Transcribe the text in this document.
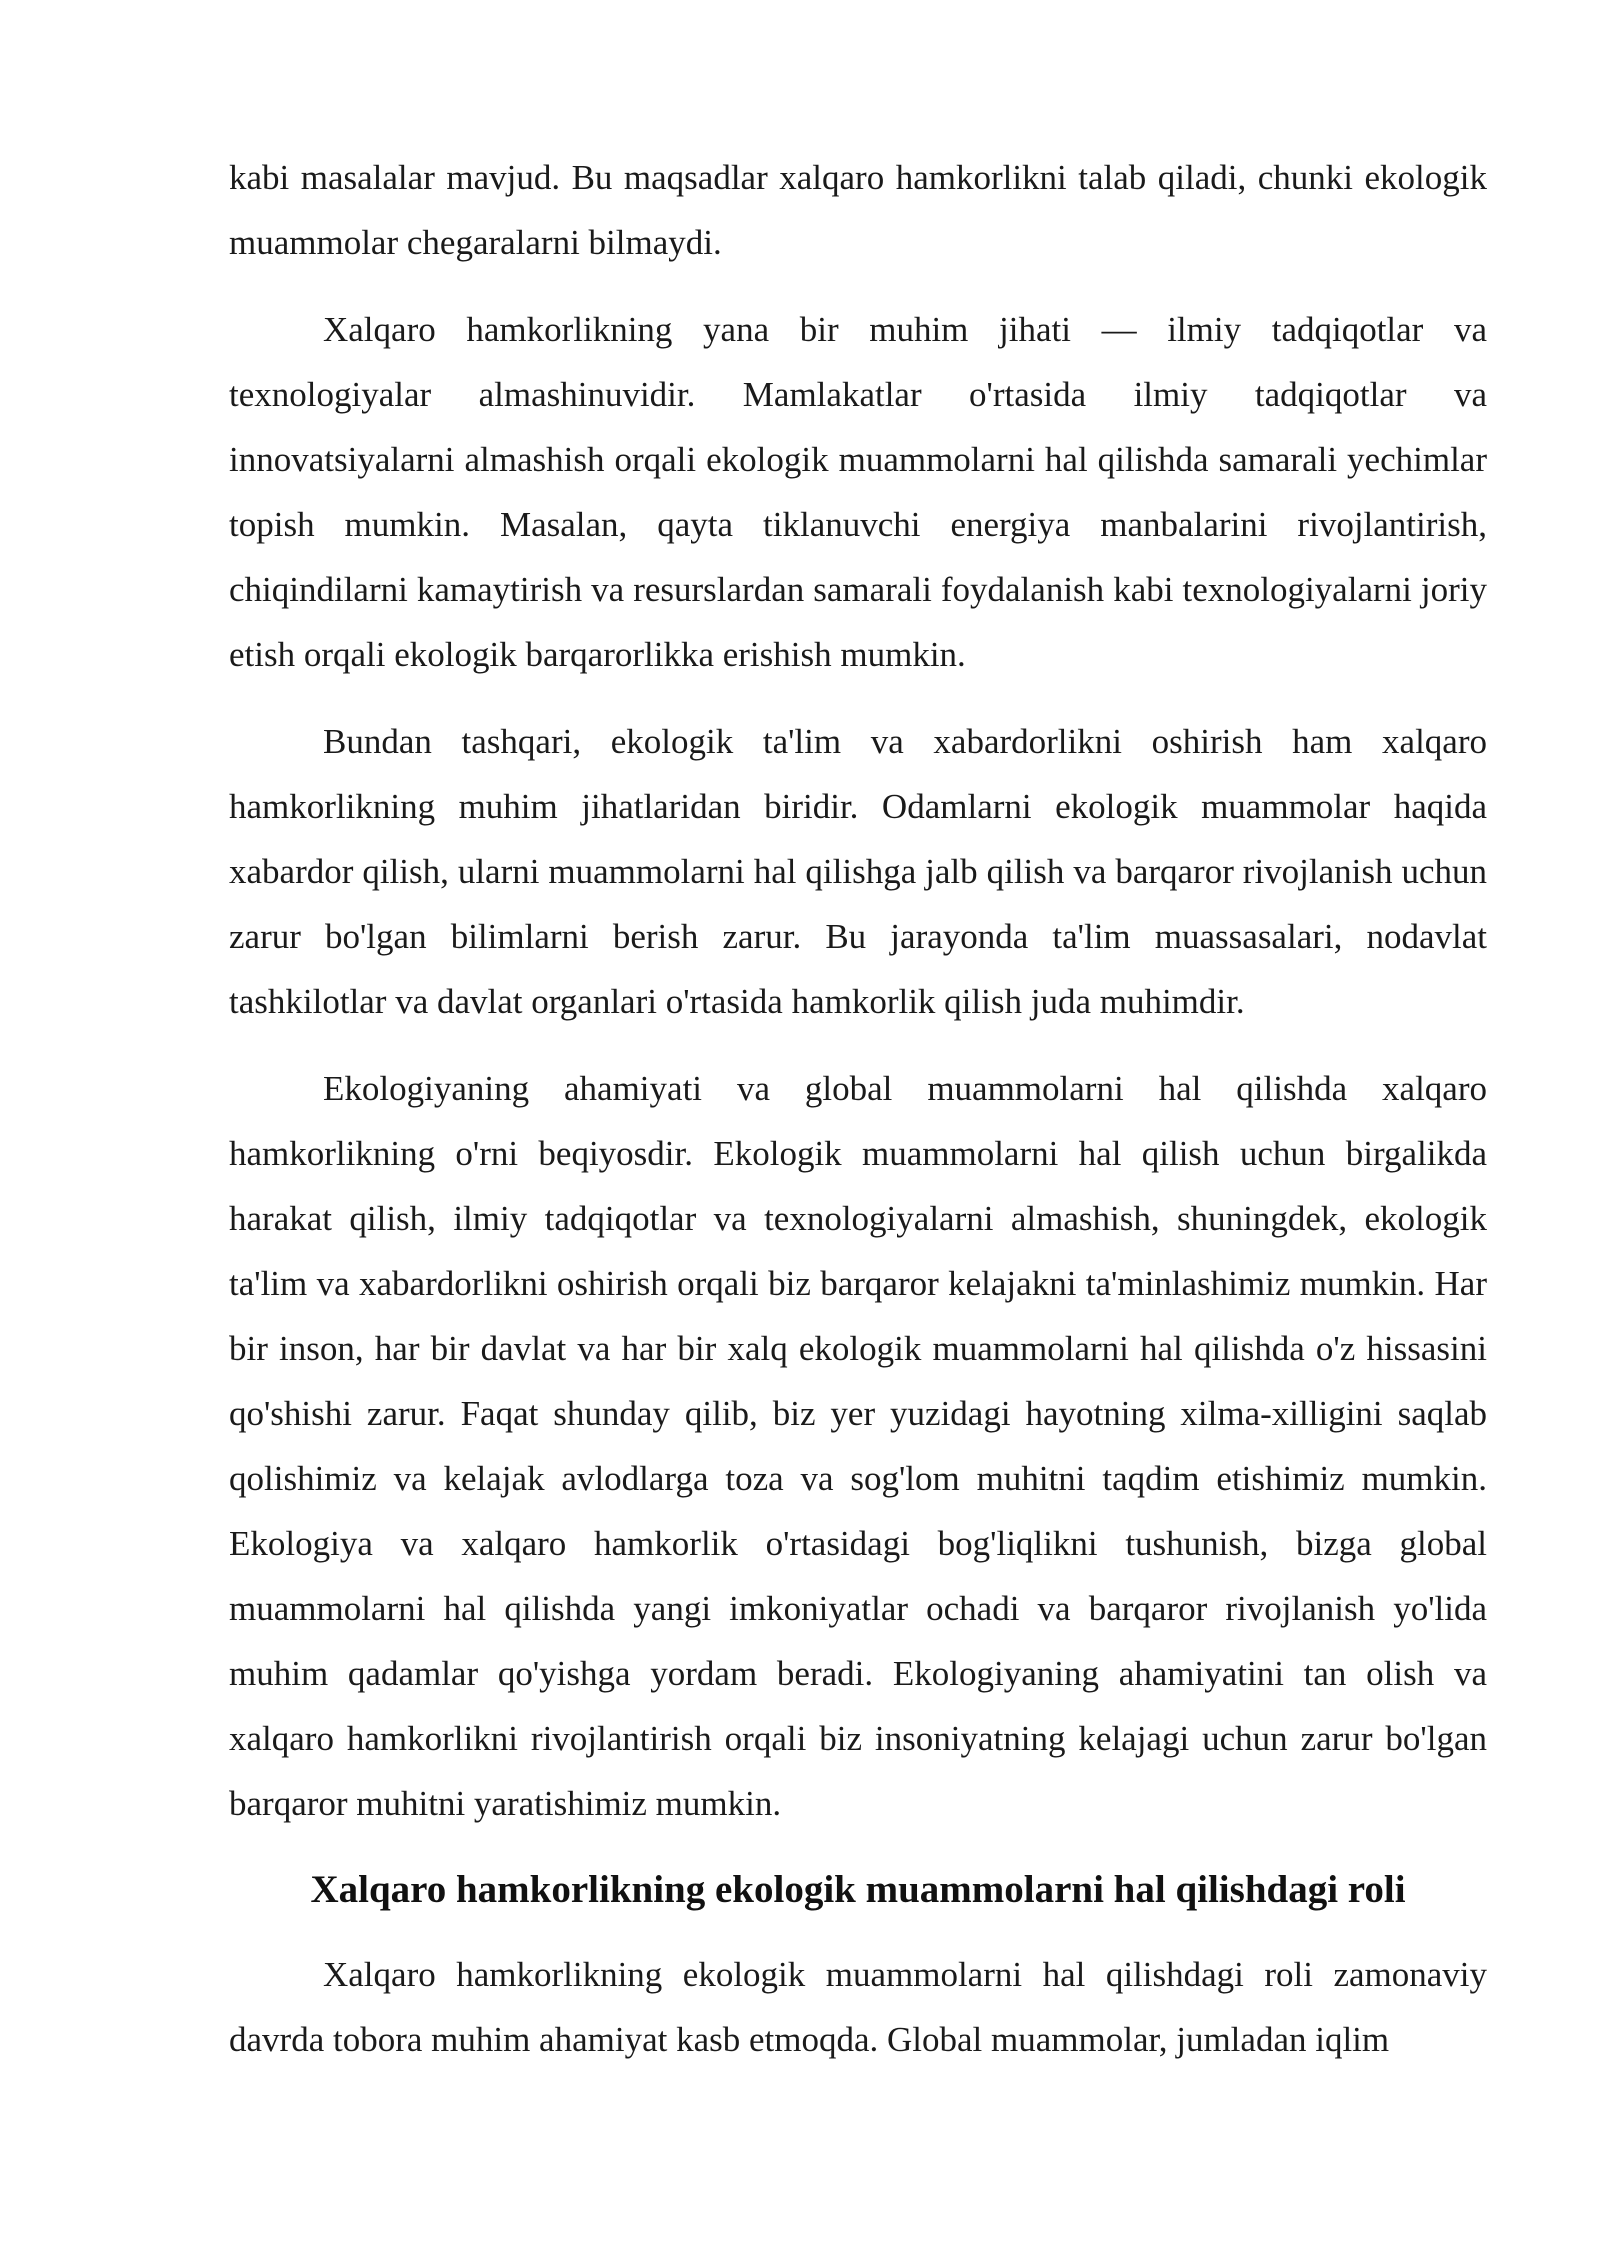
kabi masalalar mavjud. Bu maqsadlar xalqaro hamkorlikni talab qiladi, chunki ekologik muammolar chegaralarni bilmaydi.

Xalqaro hamkorlikning yana bir muhim jihati — ilmiy tadqiqotlar va texnologiyalar almashinuvidir. Mamlakatlar o'rtasida ilmiy tadqiqotlar va innovatsiyalarni almashish orqali ekologik muammolarni hal qilishda samarali yechimlar topish mumkin. Masalan, qayta tiklanuvchi energiya manbalarini rivojlantirish, chiqindilarni kamaytirish va resurslardan samarali foydalanish kabi texnologiyalarni joriy etish orqali ekologik barqarorlikka erishish mumkin.

Bundan tashqari, ekologik ta'lim va xabardorlikni oshirish ham xalqaro hamkorlikning muhim jihatlaridan biridir. Odamlarni ekologik muammolar haqida xabardor qilish, ularni muammolarni hal qilishga jalb qilish va barqaror rivojlanish uchun zarur bo'lgan bilimlarni berish zarur. Bu jarayonda ta'lim muassasalari, nodavlat tashkilotlar va davlat organlari o'rtasida hamkorlik qilish juda muhimdir.

Ekologiyaning ahamiyati va global muammolarni hal qilishda xalqaro hamkorlikning o'rni beqiyosdir. Ekologik muammolarni hal qilish uchun birgalikda harakat qilish, ilmiy tadqiqotlar va texnologiyalarni almashish, shuningdek, ekologik ta'lim va xabardorlikni oshirish orqali biz barqaror kelajakni ta'minlashimiz mumkin. Har bir inson, har bir davlat va har bir xalq ekologik muammolarni hal qilishda o'z hissasini qo'shishi zarur. Faqat shunday qilib, biz yer yuzidagi hayotning xilma-xilligini saqlab qolishimiz va kelajak avlodlarga toza va sog'lom muhitni taqdim etishimiz mumkin. Ekologiya va xalqaro hamkorlik o'rtasidagi bog'liqlikni tushunish, bizga global muammolarni hal qilishda yangi imkoniyatlar ochadi va barqaror rivojlanish yo'lida muhim qadamlar qo'yishga yordam beradi. Ekologiyaning ahamiyatini tan olish va xalqaro hamkorlikni rivojlantirish orqali biz insoniyatning kelajagi uchun zarur bo'lgan barqaror muhitni yaratishimiz mumkin.

Xalqaro hamkorlikning ekologik muammolarni hal qilishdagi roli

Xalqaro hamkorlikning ekologik muammolarni hal qilishdagi roli zamonaviy davrda tobora muhim ahamiyat kasb etmoqda. Global muammolar, jumladan iqlim
